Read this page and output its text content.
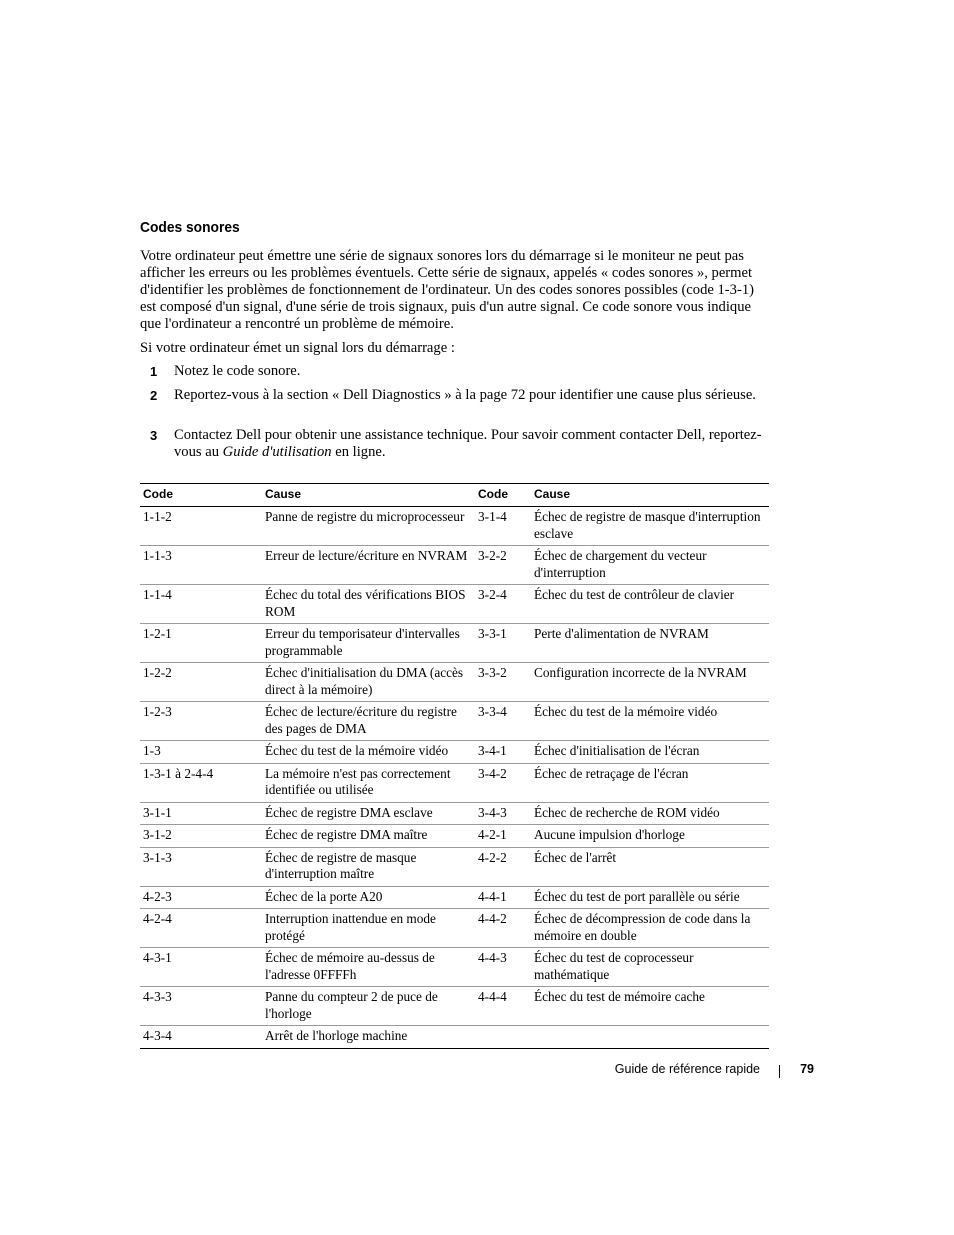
Codes sonores
Votre ordinateur peut émettre une série de signaux sonores lors du démarrage si le moniteur ne peut pas afficher les erreurs ou les problèmes éventuels. Cette série de signaux, appelés « codes sonores », permet d'identifier les problèmes de fonctionnement de l'ordinateur. Un des codes sonores possibles (code 1-3-1) est composé d'un signal, d'une série de trois signaux, puis d'un autre signal. Ce code sonore vous indique que l'ordinateur a rencontré un problème de mémoire.
Si votre ordinateur émet un signal lors du démarrage :
1 Notez le code sonore.
2 Reportez-vous à la section « Dell Diagnostics » à la page 72 pour identifier une cause plus sérieuse.
3 Contactez Dell pour obtenir une assistance technique. Pour savoir comment contacter Dell, reportez-vous au Guide d'utilisation en ligne.
Code	Cause	Code	Cause
1-1-2	Panne de registre du microprocesseur	3-1-4	Échec de registre de masque d'interruption esclave
1-1-3	Erreur de lecture/écriture en NVRAM	3-2-2	Échec de chargement du vecteur d'interruption
1-1-4	Échec du total des vérifications BIOS ROM	3-2-4	Échec du test de contrôleur de clavier
1-2-1	Erreur du temporisateur d'intervalles programmable	3-3-1	Perte d'alimentation de NVRAM
1-2-2	Échec d'initialisation du DMA (accès direct à la mémoire)	3-3-2	Configuration incorrecte de la NVRAM
1-2-3	Échec de lecture/écriture du registre des pages de DMA	3-3-4	Échec du test de la mémoire vidéo
1-3	Échec du test de la mémoire vidéo	3-4-1	Échec d'initialisation de l'écran
1-3-1 à 2-4-4	La mémoire n'est pas correctement identifiée ou utilisée	3-4-2	Échec de retraçage de l'écran
3-1-1	Échec de registre DMA esclave	3-4-3	Échec de recherche de ROM vidéo
3-1-2	Échec de registre DMA maître	4-2-1	Aucune impulsion d'horloge
3-1-3	Échec de registre de masque d'interruption maître	4-2-2	Échec de l'arrêt
4-2-3	Échec de la porte A20	4-4-1	Échec du test de port parallèle ou série
4-2-4	Interruption inattendue en mode protégé	4-4-2	Échec de décompression de code dans la mémoire en double
4-3-1	Échec de mémoire au-dessus de l'adresse 0FFFFh	4-4-3	Échec du test de coprocesseur mathématique
4-3-3	Panne du compteur 2 de puce de l'horloge	4-4-4	Échec du test de mémoire cache
4-3-4	Arrêt de l'horloge machine		
Guide de référence rapide	79
